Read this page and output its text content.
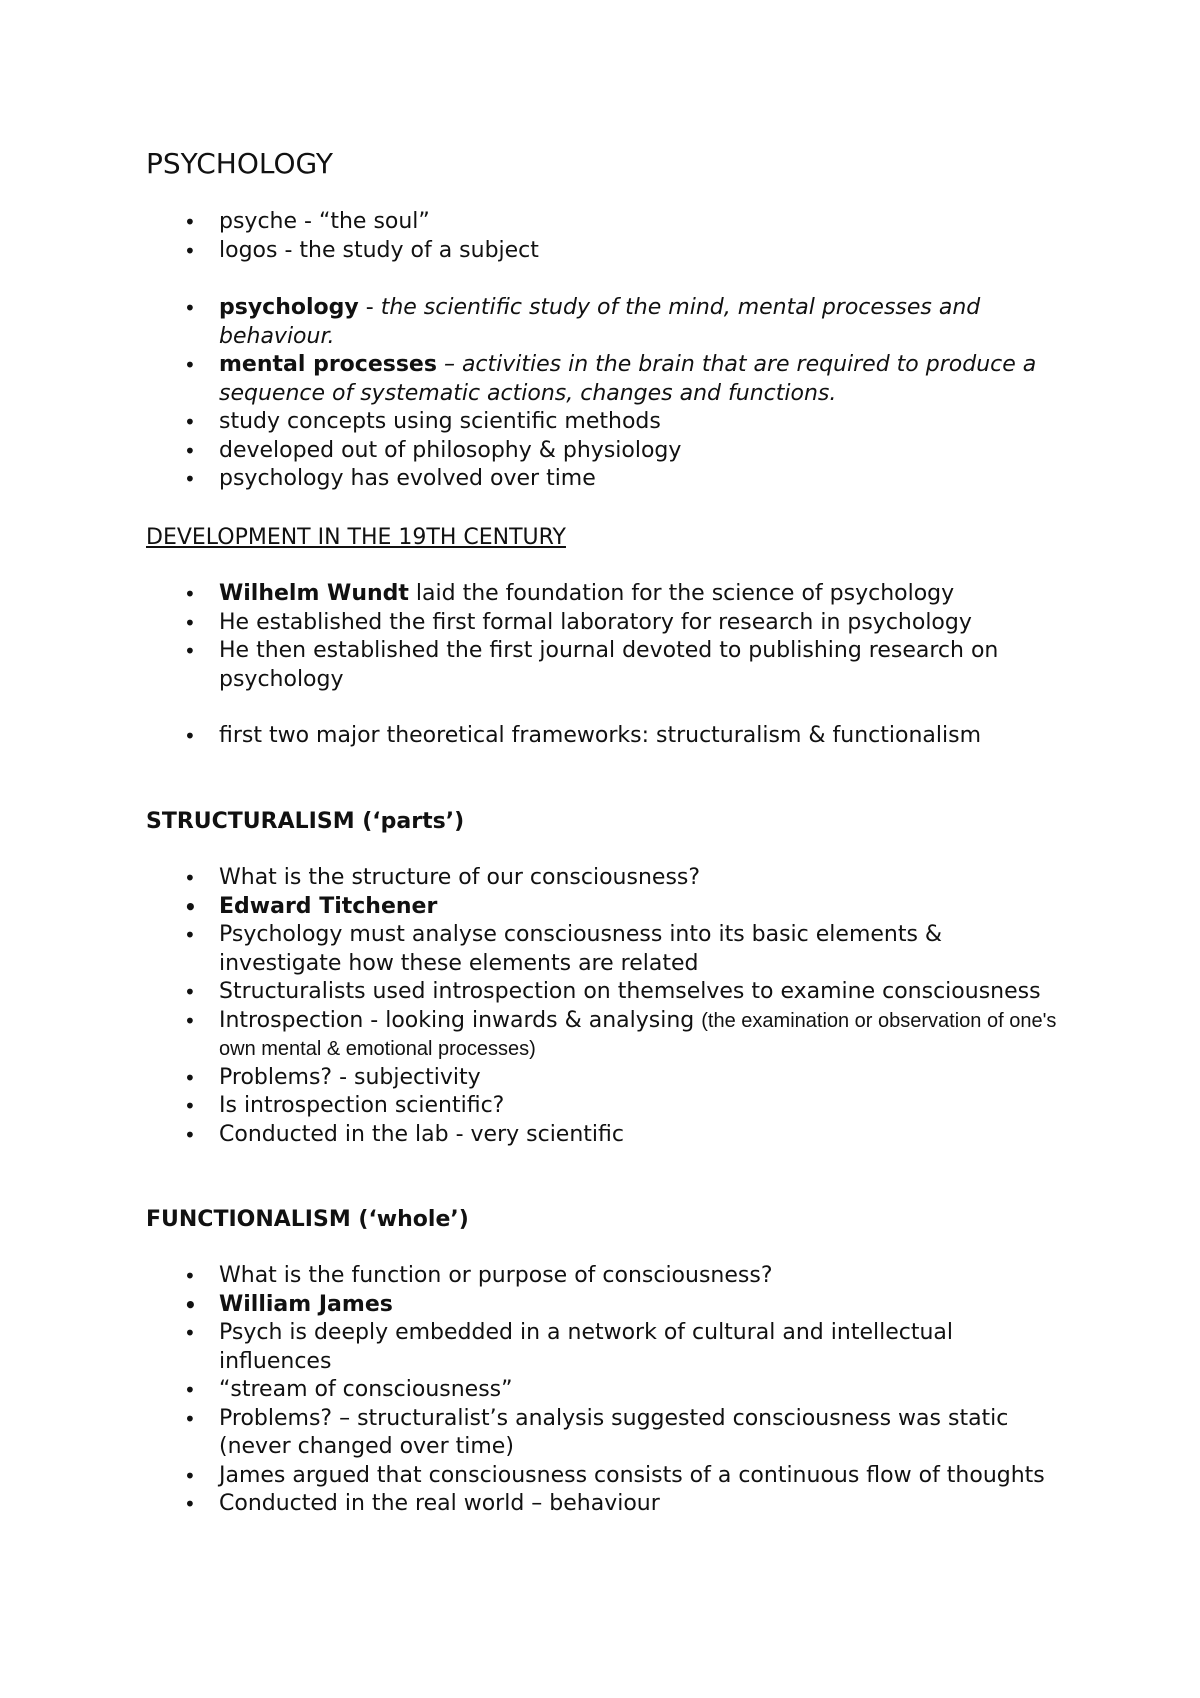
PSYCHOLOGY
• psyche - “the soul”
• logos - the study of a subject
• psychology - the scientific study of the mind, mental processes and behaviour.
• mental processes – activities in the brain that are required to produce a sequence of systematic actions, changes and functions.
• study concepts using scientific methods
• developed out of philosophy & physiology
• psychology has evolved over time
DEVELOPMENT IN THE 19TH CENTURY
• Wilhelm Wundt laid the foundation for the science of psychology
• He established the first formal laboratory for research in psychology
• He then established the first journal devoted to publishing research on psychology
• first two major theoretical frameworks: structuralism & functionalism
STRUCTURALISM (‘parts’)
• What is the structure of our consciousness?
• Edward Titchener
• Psychology must analyse consciousness into its basic elements & investigate how these elements are related
• Structuralists used introspection on themselves to examine consciousness
• Introspection - looking inwards & analysing (the examination or observation of one's own mental & emotional processes)
• Problems? - subjectivity
• Is introspection scientific?
• Conducted in the lab - very scientific
FUNCTIONALISM (‘whole’)
• What is the function or purpose of consciousness?
• William James
• Psych is deeply embedded in a network of cultural and intellectual influences
• “stream of consciousness”
• Problems? – structuralist’s analysis suggested consciousness was static (never changed over time)
• James argued that consciousness consists of a continuous flow of thoughts
• Conducted in the real world – behaviour
